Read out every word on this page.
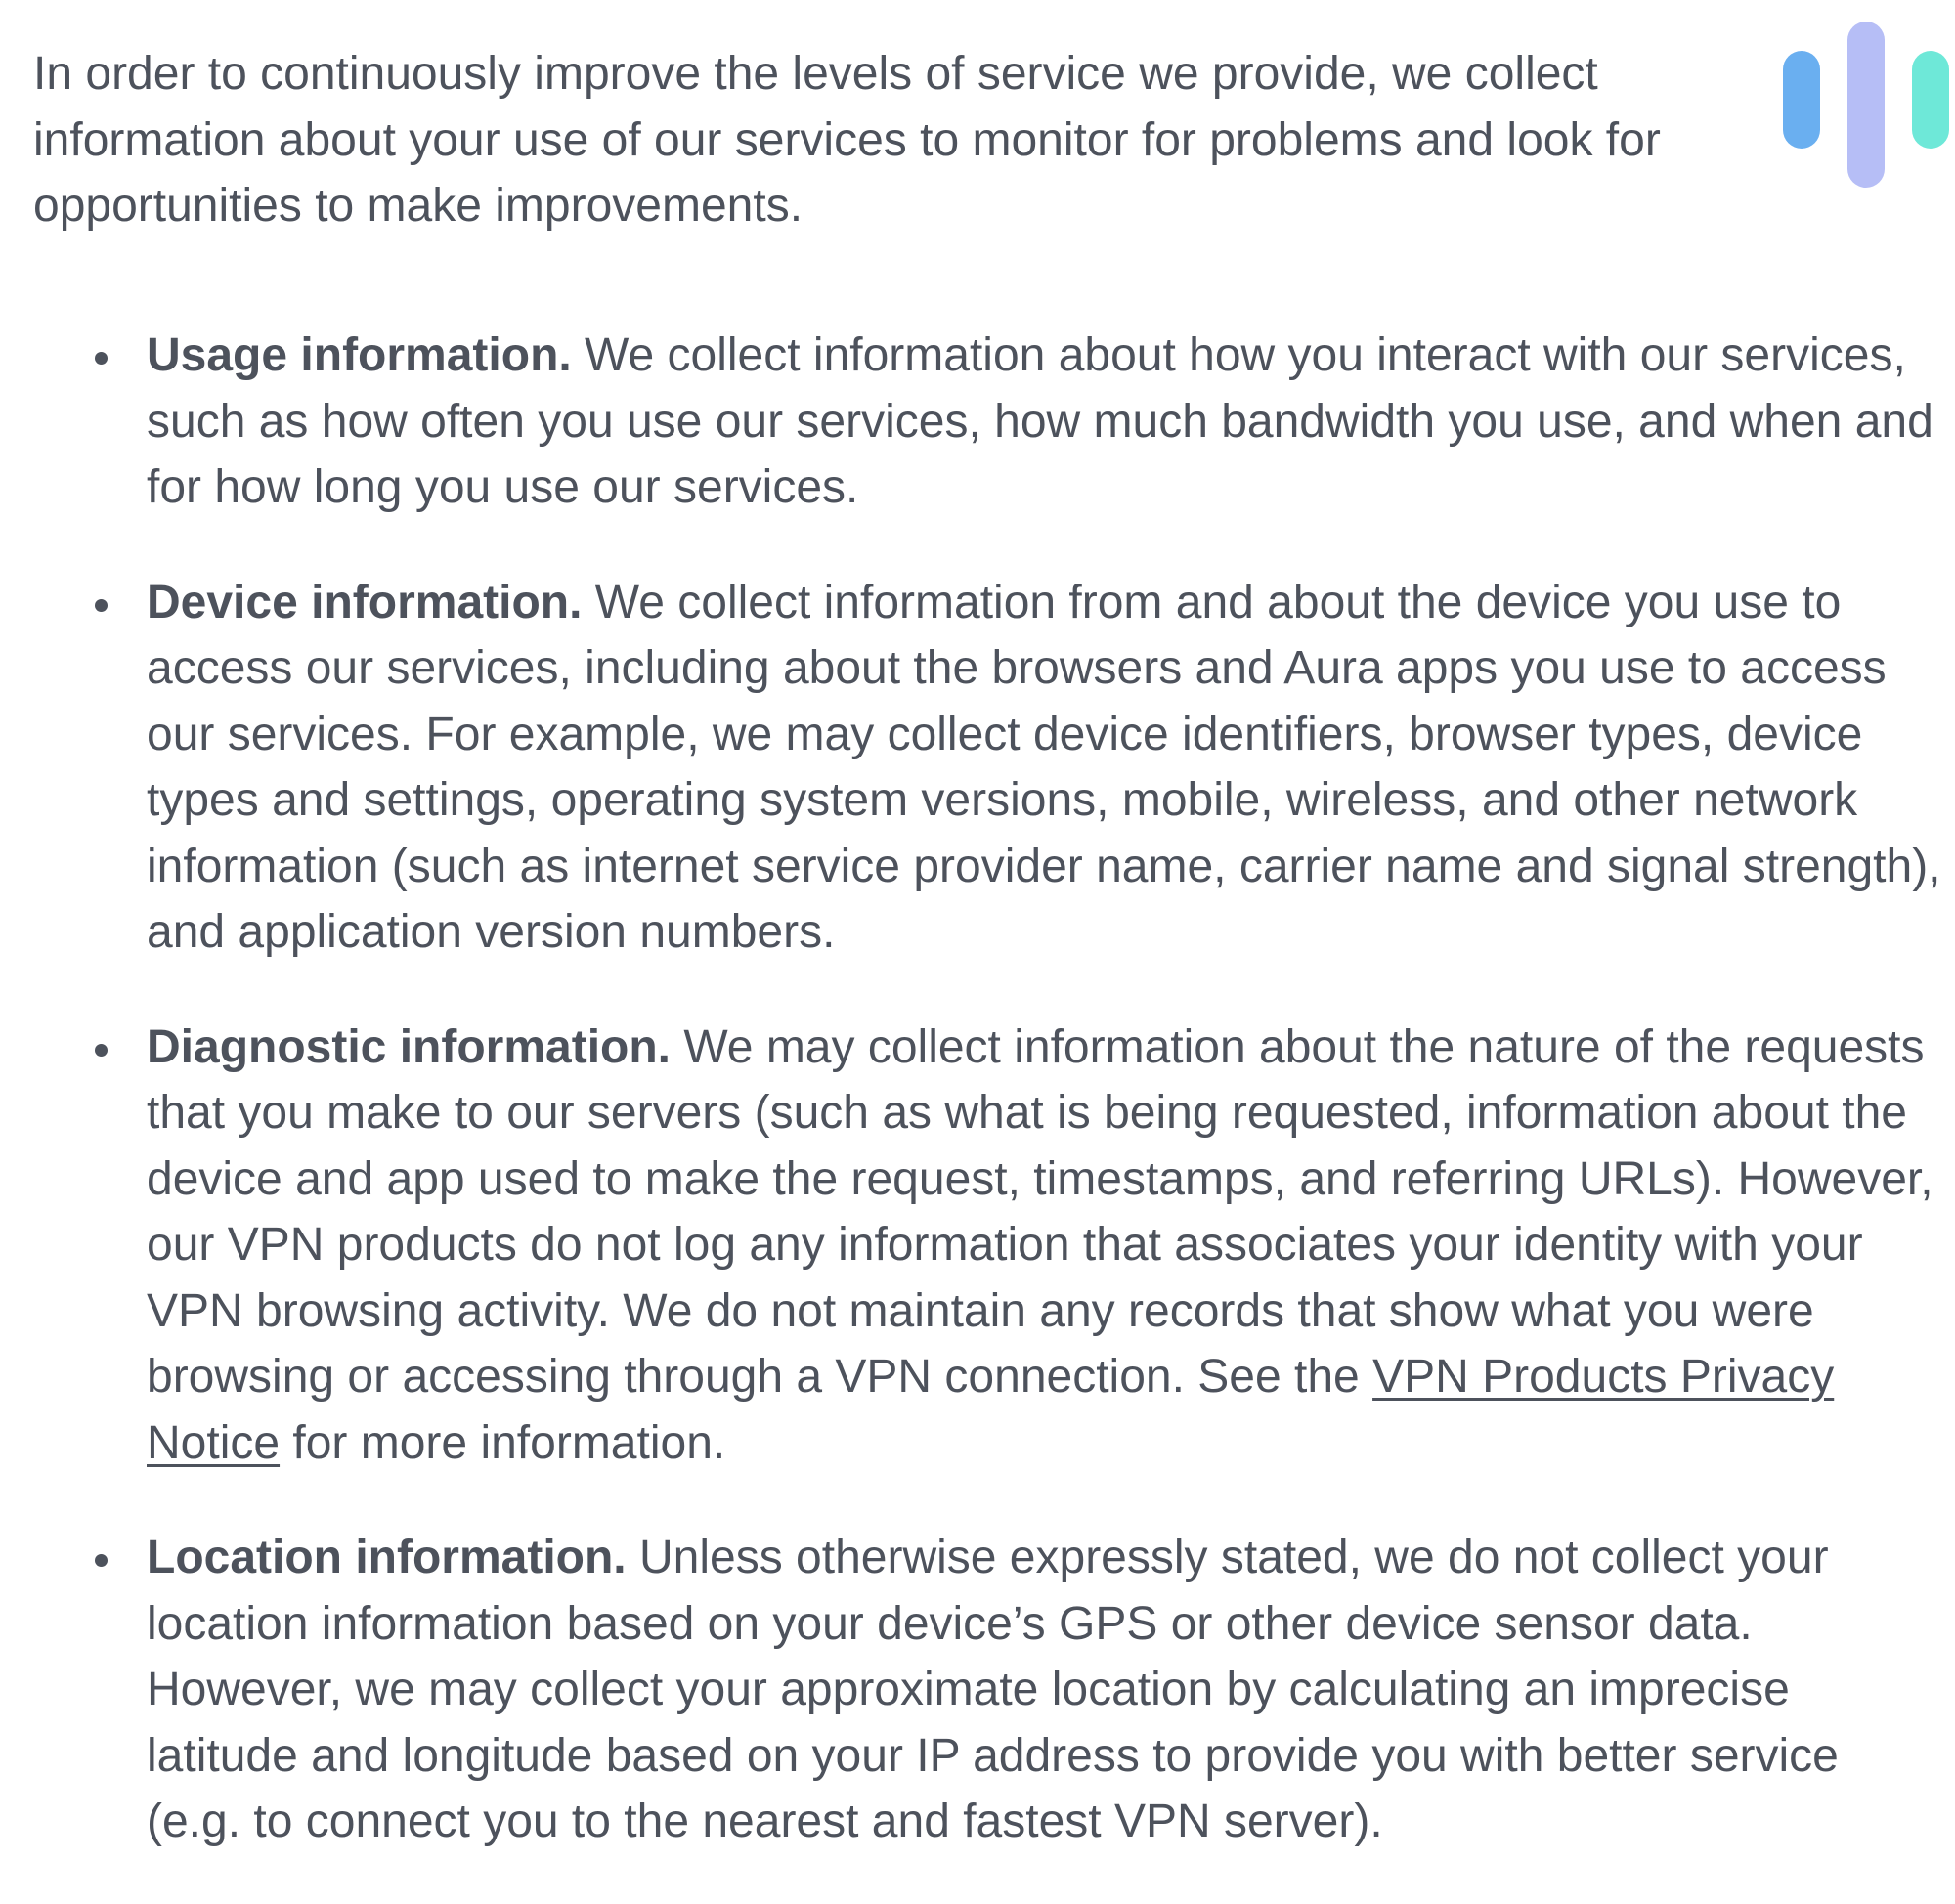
In order to continuously improve the levels of service we provide, we collect information about your use of our services to monitor for problems and look for opportunities to make improvements.

Usage information. We collect information about how you interact with our services, such as how often you use our services, how much bandwidth you use, and when and for how long you use our services.
Device information. We collect information from and about the device you use to access our services, including about the browsers and Aura apps you use to access our services. For example, we may collect device identifiers, browser types, device types and settings, operating system versions, mobile, wireless, and other network information (such as internet service provider name, carrier name and signal strength), and application version numbers.
Diagnostic information. We may collect information about the nature of the requests that you make to our servers (such as what is being requested, information about the device and app used to make the request, timestamps, and referring URLs). However, our VPN products do not log any information that associates your identity with your VPN browsing activity. We do not maintain any records that show what you were browsing or accessing through a VPN connection. See the VPN Products Privacy Notice for more information.
Location information. Unless otherwise expressly stated, we do not collect your location information based on your device’s GPS or other device sensor data. However, we may collect your approximate location by calculating an imprecise latitude and longitude based on your IP address to provide you with better service (e.g. to connect you to the nearest and fastest VPN server).
